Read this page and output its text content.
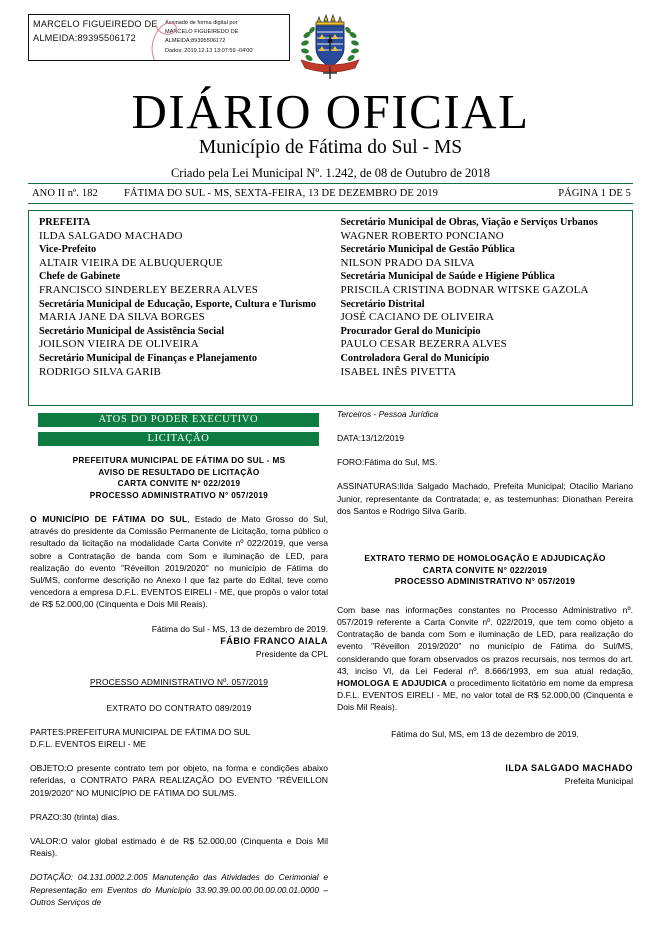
MARCELO FIGUEIREDO DE ALMEIDA:89395506172
Assinado de forma digital por
MARCELO FIGUEIREDO DE
ALMEIDA:89395506172
Dados: 2019.12.13 13:07:59 -04'00'
DIÁRIO OFICIAL
Município de Fátima do Sul - MS
Criado pela Lei Municipal Nº. 1.242, de 08 de Outubro de 2018
ANO II nº. 182	FÁTIMA DO SUL - MS, SEXTA-FEIRA, 13 DE DEZEMBRO DE 2019	PÁGINA 1 DE 5
PREFEITA
ILDA SALGADO MACHADO
Vice-Prefeito
ALTAIR VIEIRA DE ALBUQUERQUE
Chefe de Gabinete
FRANCISCO SINDERLEY BEZERRA ALVES
Secretária Municipal de Educação, Esporte, Cultura e Turismo
MARIA JANE DA SILVA BORGES
Secretário Municipal de Assistência Social
JOILSON VIEIRA DE OLIVEIRA
Secretário Municipal de Finanças e Planejamento
RODRIGO SILVA GARIB
Secretário Municipal de Obras, Viação e Serviços Urbanos
WAGNER ROBERTO PONCIANO
Secretário Municipal de Gestão Pública
NILSON PRADO DA SILVA
Secretária Municipal de Saúde e Higiene Pública
PRISCILA CRISTINA BODNAR WITSKE GAZOLA
Secretário Distrital
JOSÉ CACIANO DE OLIVEIRA
Procurador Geral do Município
PAULO CESAR BEZERRA ALVES
Controladora Geral do Município
ISABEL INÊS PIVETTA
ATOS DO PODER EXECUTIVO
LICITAÇÃO
PREFEITURA MUNICIPAL DE FÁTIMA DO SUL - MS
AVISO DE RESULTADO DE LICITAÇÃO
CARTA CONVITE Nº 022/2019
PROCESSO ADMINISTRATIVO N° 057/2019
O MUNICÍPIO DE FÁTIMA DO SUL, Estado de Mato Grosso do Sul, através do presidente da Comissão Permanente de Licitação, torna público o resultado da licitação na modalidade Carta Convite nº 022/2019, que versa sobre a Contratação de banda com Som e iluminação de LED, para realização do evento "Réveillon 2019/2020" no município de Fátima do Sul/MS, conforme descrição no Anexo I que faz parte do Edital, teve como vencedora a empresa D.F.L. EVENTOS EIRELI - ME, que propôs o valor total de R$ 52.000,00 (Cinquenta e Dois Mil Reais).
Fátima do Sul - MS, 13 de dezembro de 2019.
FÁBIO FRANCO AIALA
Presidente da CPL
PROCESSO ADMINISTRATIVO Nº. 057/2019
EXTRATO DO CONTRATO 089/2019
PARTES:PREFEITURA MUNICIPAL DE FÁTIMA DO SUL
D.F.L. EVENTOS EIRELI - ME
OBJETO:O presente contrato tem por objeto, na forma e condições abaixo referidas, o CONTRATO PARA REALIZAÇÃO DO EVENTO "RÉVEILLON 2019/2020" NO MUNICÍPIO DE FÁTIMA DO SUL/MS.
PRAZO:30 (trinta) dias.
VALOR:O valor global estimado é de R$ 52.000,00 (Cinquenta e Dois Mil Reais).
DOTAÇÃO: 04.131.0002.2.005 Manutenção das Atividades do Cerimonial e Representação em Eventos do Município 33.90.39.00.00.00.00.00.01.0000 – Outros Serviços de
Terceiros - Pessoa Jurídica
DATA:13/12/2019
FORO:Fátima do Sul, MS.
ASSINATURAS:Ilda Salgado Machado, Prefeita Municipal; Otacilio Mariano Junior, representante da Contratada; e, as testemunhas: Dionathan Pereira dos Santos e Rodrigo Silva Garib.
EXTRATO TERMO DE HOMOLOGAÇÃO E ADJUDICAÇÃO
CARTA CONVITE N° 022/2019
PROCESSO ADMINISTRATIVO N° 057/2019
Com base nas informações constantes no Processo Administrativo nº. 057/2019 referente a Carta Convite nº. 022/2019, que tem como objeto a Contratação de banda com Som e iluminação de LED, para realização do evento "Réveillon 2019/2020" no município de Fátima do Sul/MS, considerando que foram observados os prazos recursais, nos termos do art. 43, inciso VI, da Lei Federal nº. 8.666/1993, em sua atual redação, HOMOLOGA E ADJUDICA o procedimento licitatório em nome da empresa D.F.L. EVENTOS EIRELI - ME, no valor total de R$ 52.000,00 (Cinquenta e Dois Mil Reais).
Fátima do Sul, MS, em 13 de dezembro de 2019.
ILDA SALGADO MACHADO
Prefeita Municipal
